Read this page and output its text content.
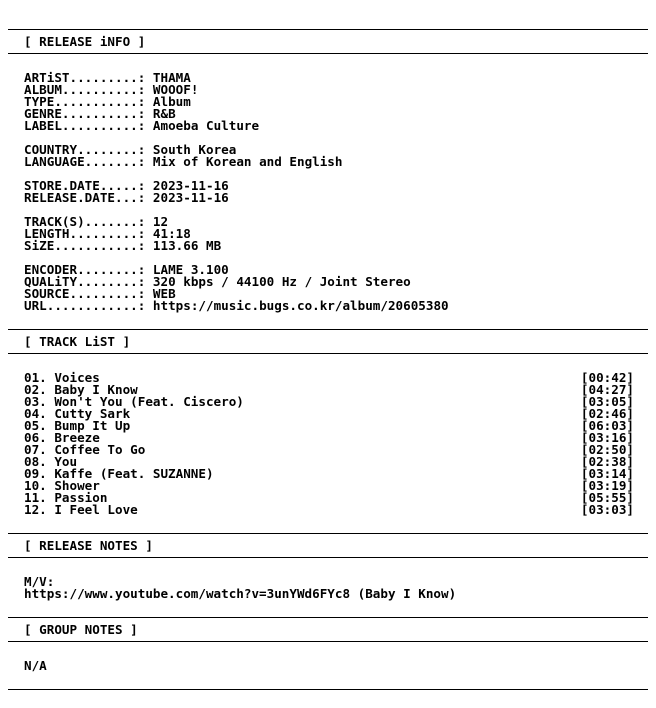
[ RELEASE iNFO ]
ARTiST.........: THAMA
ALBUM..........: WOOOF!
TYPE...........: Album
GENRE..........: R&B
LABEL..........: Amoeba Culture
COUNTRY........: South Korea
LANGUAGE.......: Mix of Korean and English
STORE.DATE.....: 2023-11-16
RELEASE.DATE...: 2023-11-16
TRACK(S).......: 12
LENGTH.........: 41:18
SiZE...........: 113.66 MB
ENCODER........: LAME 3.100
QUALiTY........: 320 kbps / 44100 Hz / Joint Stereo
SOURCE.........: WEB
URL............: https://music.bugs.co.kr/album/20605380
[ TRACK LiST ]
01. Voices	[00:42]
02. Baby I Know	[04:27]
03. Won't You (Feat. Ciscero)	[03:05]
04. Cutty Sark	[02:46]
05. Bump It Up	[06:03]
06. Breeze	[03:16]
07. Coffee To Go	[02:50]
08. You	[02:38]
09. Kaffe (Feat. SUZANNE)	[03:14]
10. Shower	[03:19]
11. Passion	[05:55]
12. I Feel Love	[03:03]
[ RELEASE NOTES ]
M/V:
https://www.youtube.com/watch?v=3unYWd6FYc8 (Baby I Know)
[ GROUP NOTES ]
N/A
